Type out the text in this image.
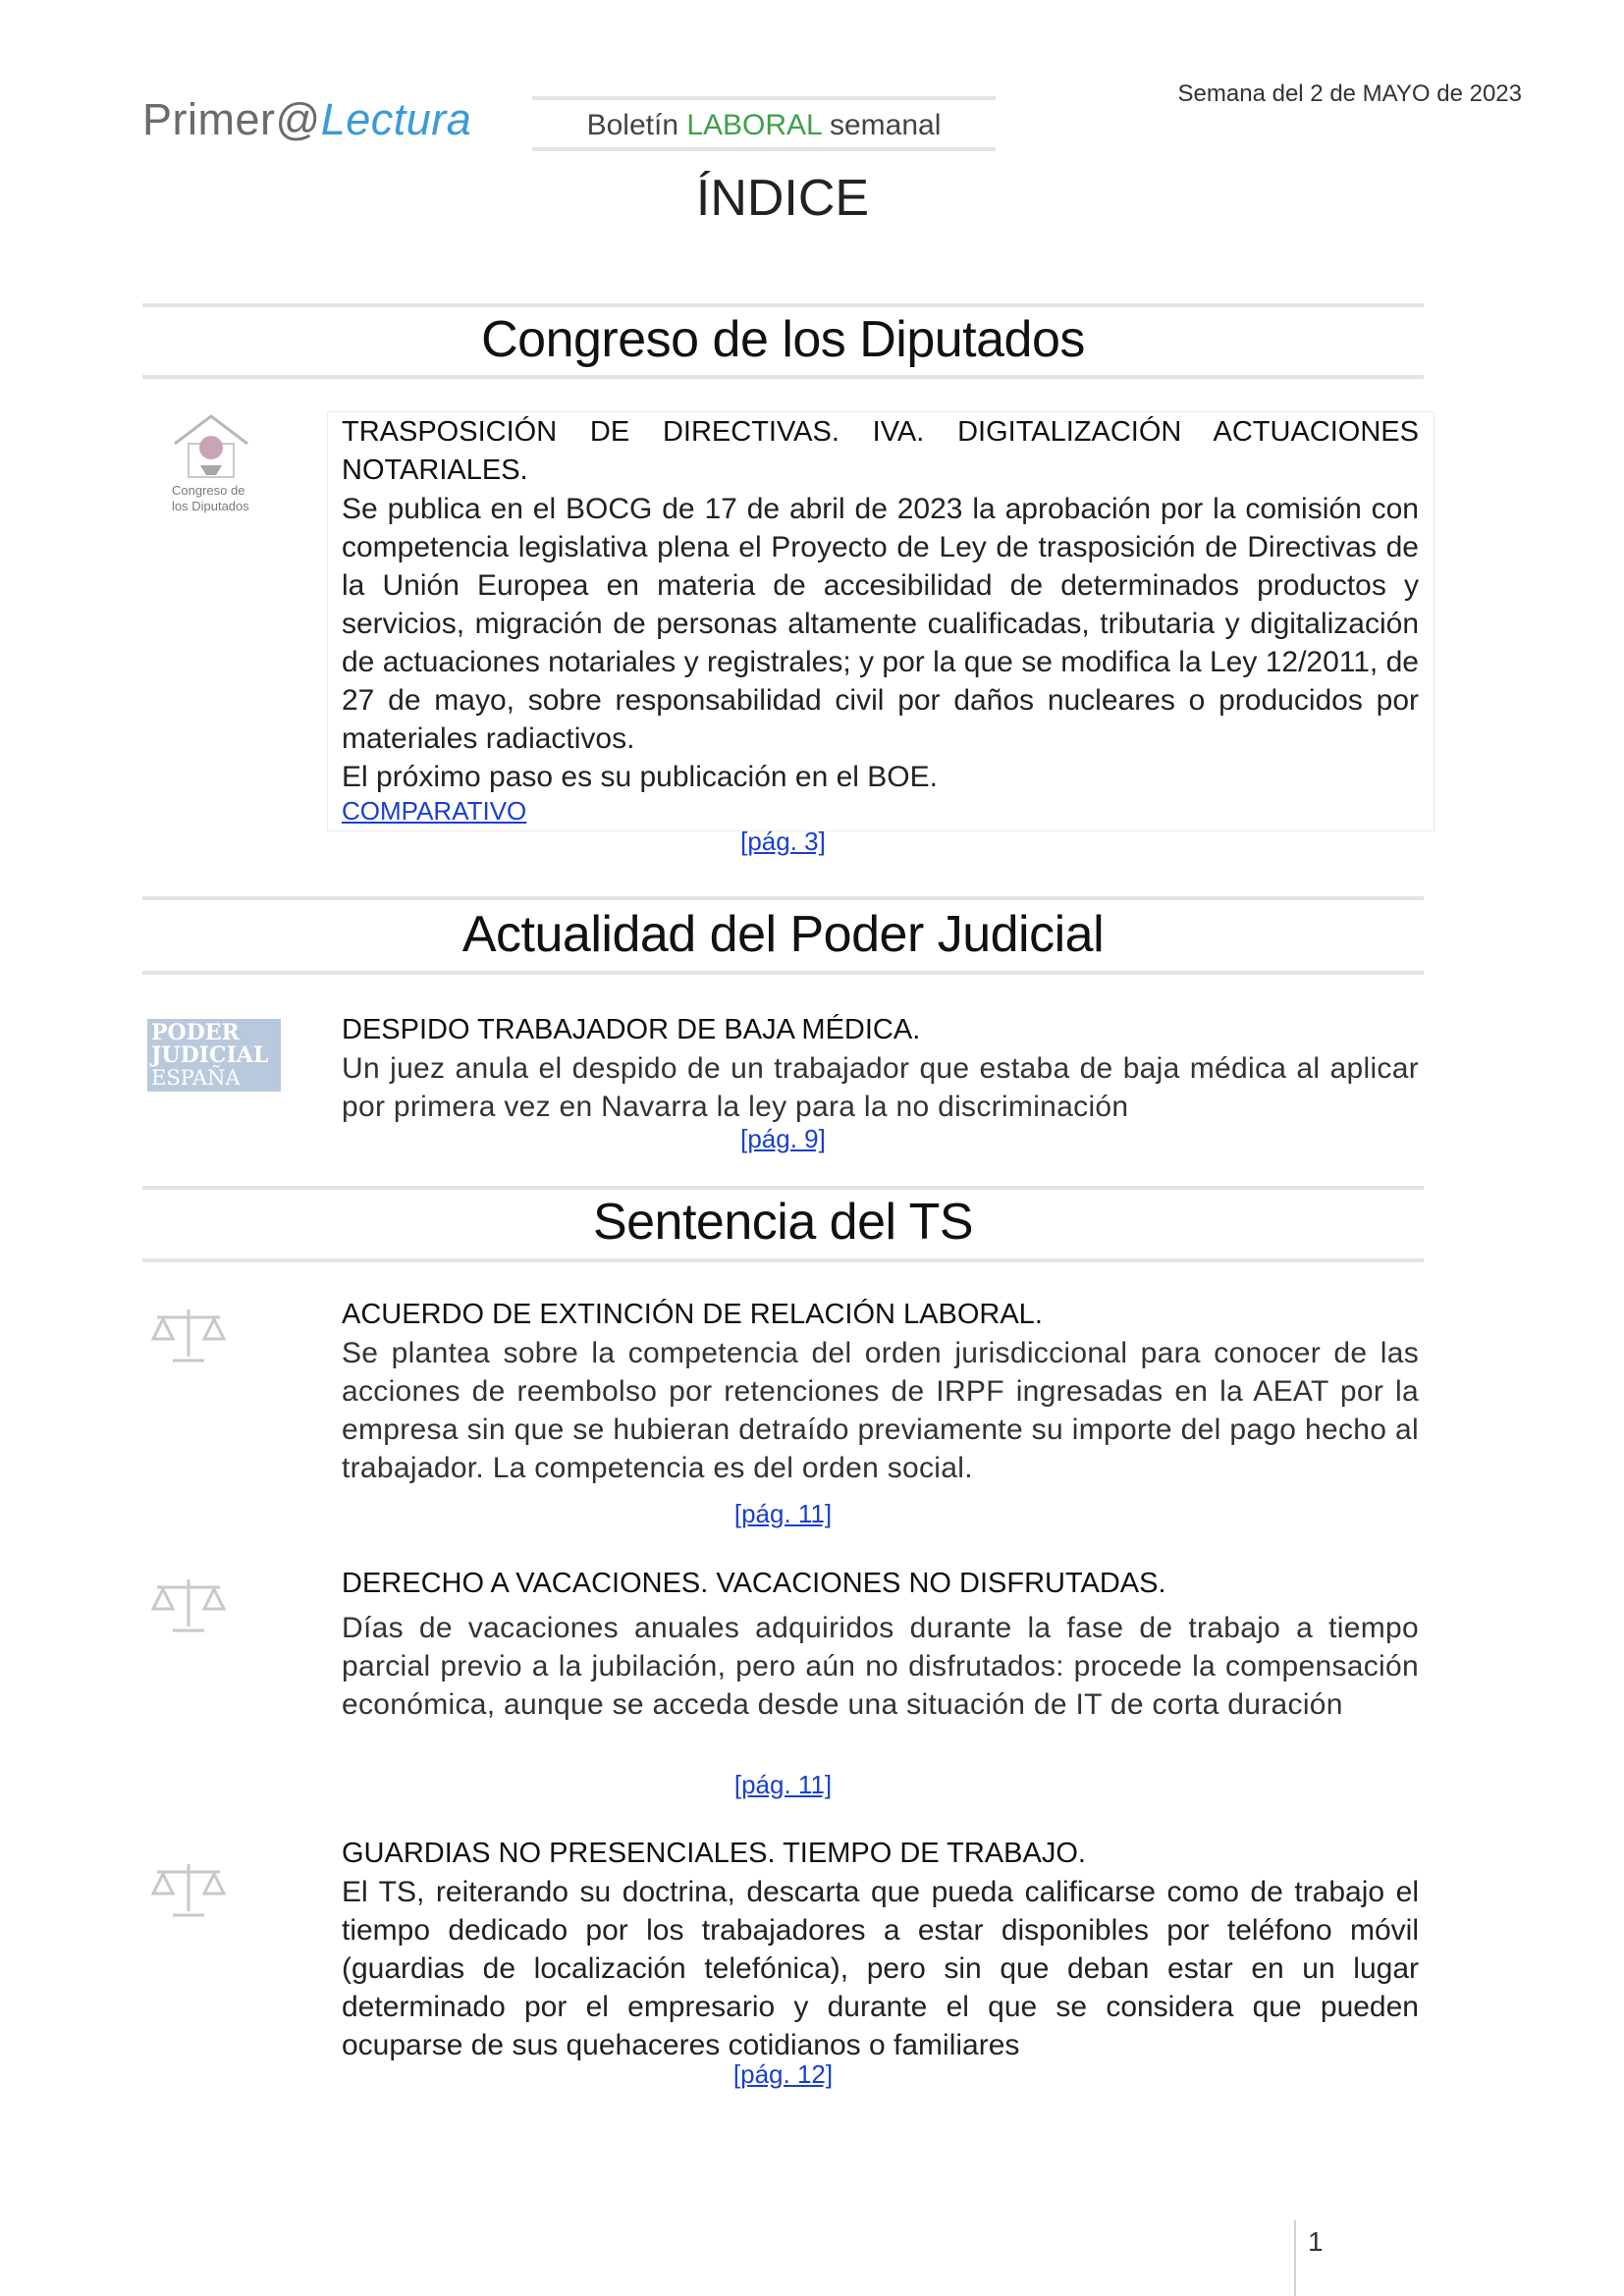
Primer@Lectura	Boletín LABORAL semanal
Semana del 2 de MAYO de 2023
ÍNDICE
Congreso de los Diputados
Congreso de
los Diputados
TRASPOSICIÓN DE DIRECTIVAS. IVA. DIGITALIZACIÓN ACTUACIONES NOTARIALES.
Se publica en el BOCG de 17 de abril de 2023 la aprobación por la comisión con competencia legislativa plena el Proyecto de Ley de trasposición de Directivas de la Unión Europea en materia de accesibilidad de determinados productos y servicios, migración de personas altamente cualificadas, tributaria y digitalización de actuaciones notariales y registrales; y por la que se modifica la Ley 12/2011, de 27 de mayo, sobre responsabilidad civil por daños nucleares o producidos por materiales radiactivos.
El próximo paso es su publicación en el BOE.
COMPARATIVO
[pág. 3]
Actualidad del Poder Judicial
PODER
JUDICIAL
ESPAÑA
DESPIDO TRABAJADOR DE BAJA MÉDICA.
Un juez anula el despido de un trabajador que estaba de baja médica al aplicar por primera vez en Navarra la ley para la no discriminación
[pág. 9]
Sentencia del TS
ACUERDO DE EXTINCIÓN DE RELACIÓN LABORAL.
Se plantea sobre la competencia del orden jurisdiccional para conocer de las acciones de reembolso por retenciones de IRPF ingresadas en la AEAT por la empresa sin que se hubieran detraído previamente su importe del pago hecho al trabajador. La competencia es del orden social.
[pág. 11]
DERECHO A VACACIONES. VACACIONES NO DISFRUTADAS.
Días de vacaciones anuales adquiridos durante la fase de trabajo a tiempo parcial previo a la jubilación, pero aún no disfrutados: procede la compensación económica, aunque se acceda desde una situación de IT de corta duración
[pág. 11]
GUARDIAS NO PRESENCIALES. TIEMPO DE TRABAJO.
El TS, reiterando su doctrina, descarta que pueda calificarse como de trabajo el tiempo dedicado por los trabajadores a estar disponibles por teléfono móvil (guardias de localización telefónica), pero sin que deban estar en un lugar determinado por el empresario y durante el que se considera que pueden ocuparse de sus quehaceres cotidianos o familiares
[pág. 12]
1
